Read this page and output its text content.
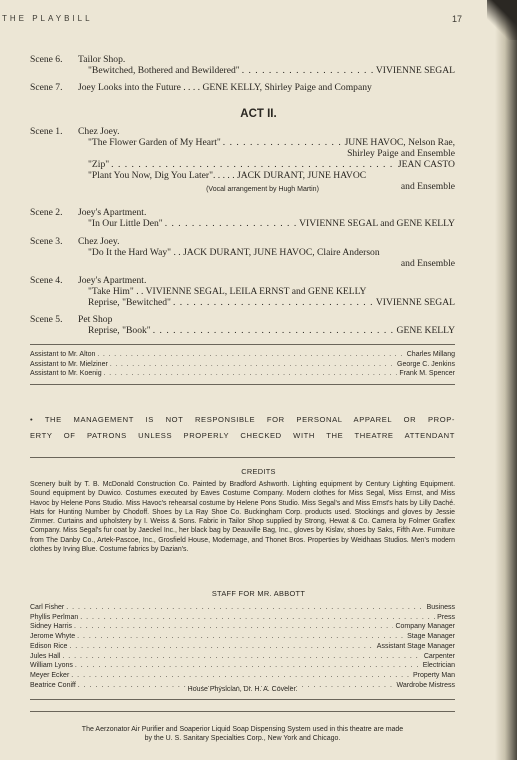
THE PLAYBILL	17
Scene 6.	Tailor Shop.
"Bewitched, Bothered and Bewildered" . . .	VIVIENNE SEGAL
Scene 7.	Joey Looks into the Future . . . . GENE KELLY, Shirley Paige and Company
ACT II.
Scene 1.	Chez Joey.
"The Flower Garden of My Heart" . . .	JUNE HAVOC, Nelson Rae,
Shirley Paige and Ensemble
"Zip" . . .	JEAN CASTO
"Plant You Now, Dig You Later". . . . . JACK DURANT, JUNE HAVOC
and Ensemble
(Vocal arrangement by Hugh Martin)
Scene 2.	Joey's Apartment.
"In Our Little Den" . . .	VIVIENNE SEGAL and GENE KELLY
Scene 3.	Chez Joey.
"Do It the Hard Way" . . JACK DURANT, JUNE HAVOC, Claire Anderson
and Ensemble
Scene 4.	Joey's Apartment.
"Take Him" . . VIVIENNE SEGAL, LEILA ERNST and GENE KELLY
Reprise, "Bewitched" . . .	VIVIENNE SEGAL
Scene 5.	Pet Shop
Reprise, "Book" . . .	GENE KELLY
Assistant to Mr. Alton . . .	Charles Millang
Assistant to Mr. Mielziner . . .	George C. Jenkins
Assistant to Mr. Koenig . . .	Frank M. Spencer
• THE MANAGEMENT IS NOT RESPONSIBLE FOR PERSONAL APPAREL OR PROP-
ERTY OF PATRONS UNLESS PROPERLY CHECKED WITH THE THEATRE ATTENDANT
CREDITS
Scenery built by T. B. McDonald Construction Co. Painted by Bradford Ashworth. Lighting equipment by Century Lighting Equipment. Sound equipment by Duwico. Costumes executed by Eaves Costume Company. Modern clothes for Miss Segal, Miss Ernst, and Miss Havoc by Helene Pons Studio. Miss Havoc's rehearsal costume by Helene Pons Studio. Miss Segal's and Miss Ernst's hats by Lilly Daché. Hats for Hunting Number by Chodoff. Shoes by La Ray Shoe Co. Buckingham Corp. products used. Stockings and gloves by Jessie Zimmer. Curtains and upholstery by I. Weiss & Sons. Fabric in Tailor Shop supplied by Strong, Hewat & Co. Camera by Folmer Graflex Company. Miss Segal's fur coat by Jaeckel Inc., her black bag by Deauville Bag, Inc., gloves by Kislav, shoes by Saks, Fifth Ave. Furniture from The Danby Co., Artek-Pascoe, Inc., Grosfield House, Modernage, and Thonet Bros. Properties by Weidhaas Studios. Men's modern clothes by Irving Blue. Costume fabrics by Dazian's.
STAFF FOR MR. ABBOTT
Carl Fisher . . .	Business
Phyllis Perlman . . .	Press
Sidney Harris . . .	Company Manager
Jerome Whyte . . .	Stage Manager
Edison Rice . . .	Assistant Stage Manager
Jules Hall . . .	Carpenter
William Lyons . . .	Electrician
Meyer Ecker . . .	Property Man
Beatrice Coniff . . .	Wardrobe Mistress
House Physician, Dr. H. A. Coveler.
The Aerzonator Air Purifier and Soaperior Liquid Soap Dispensing System used in this theatre are made
by the U. S. Sanitary Specialties Corp., New York and Chicago.
